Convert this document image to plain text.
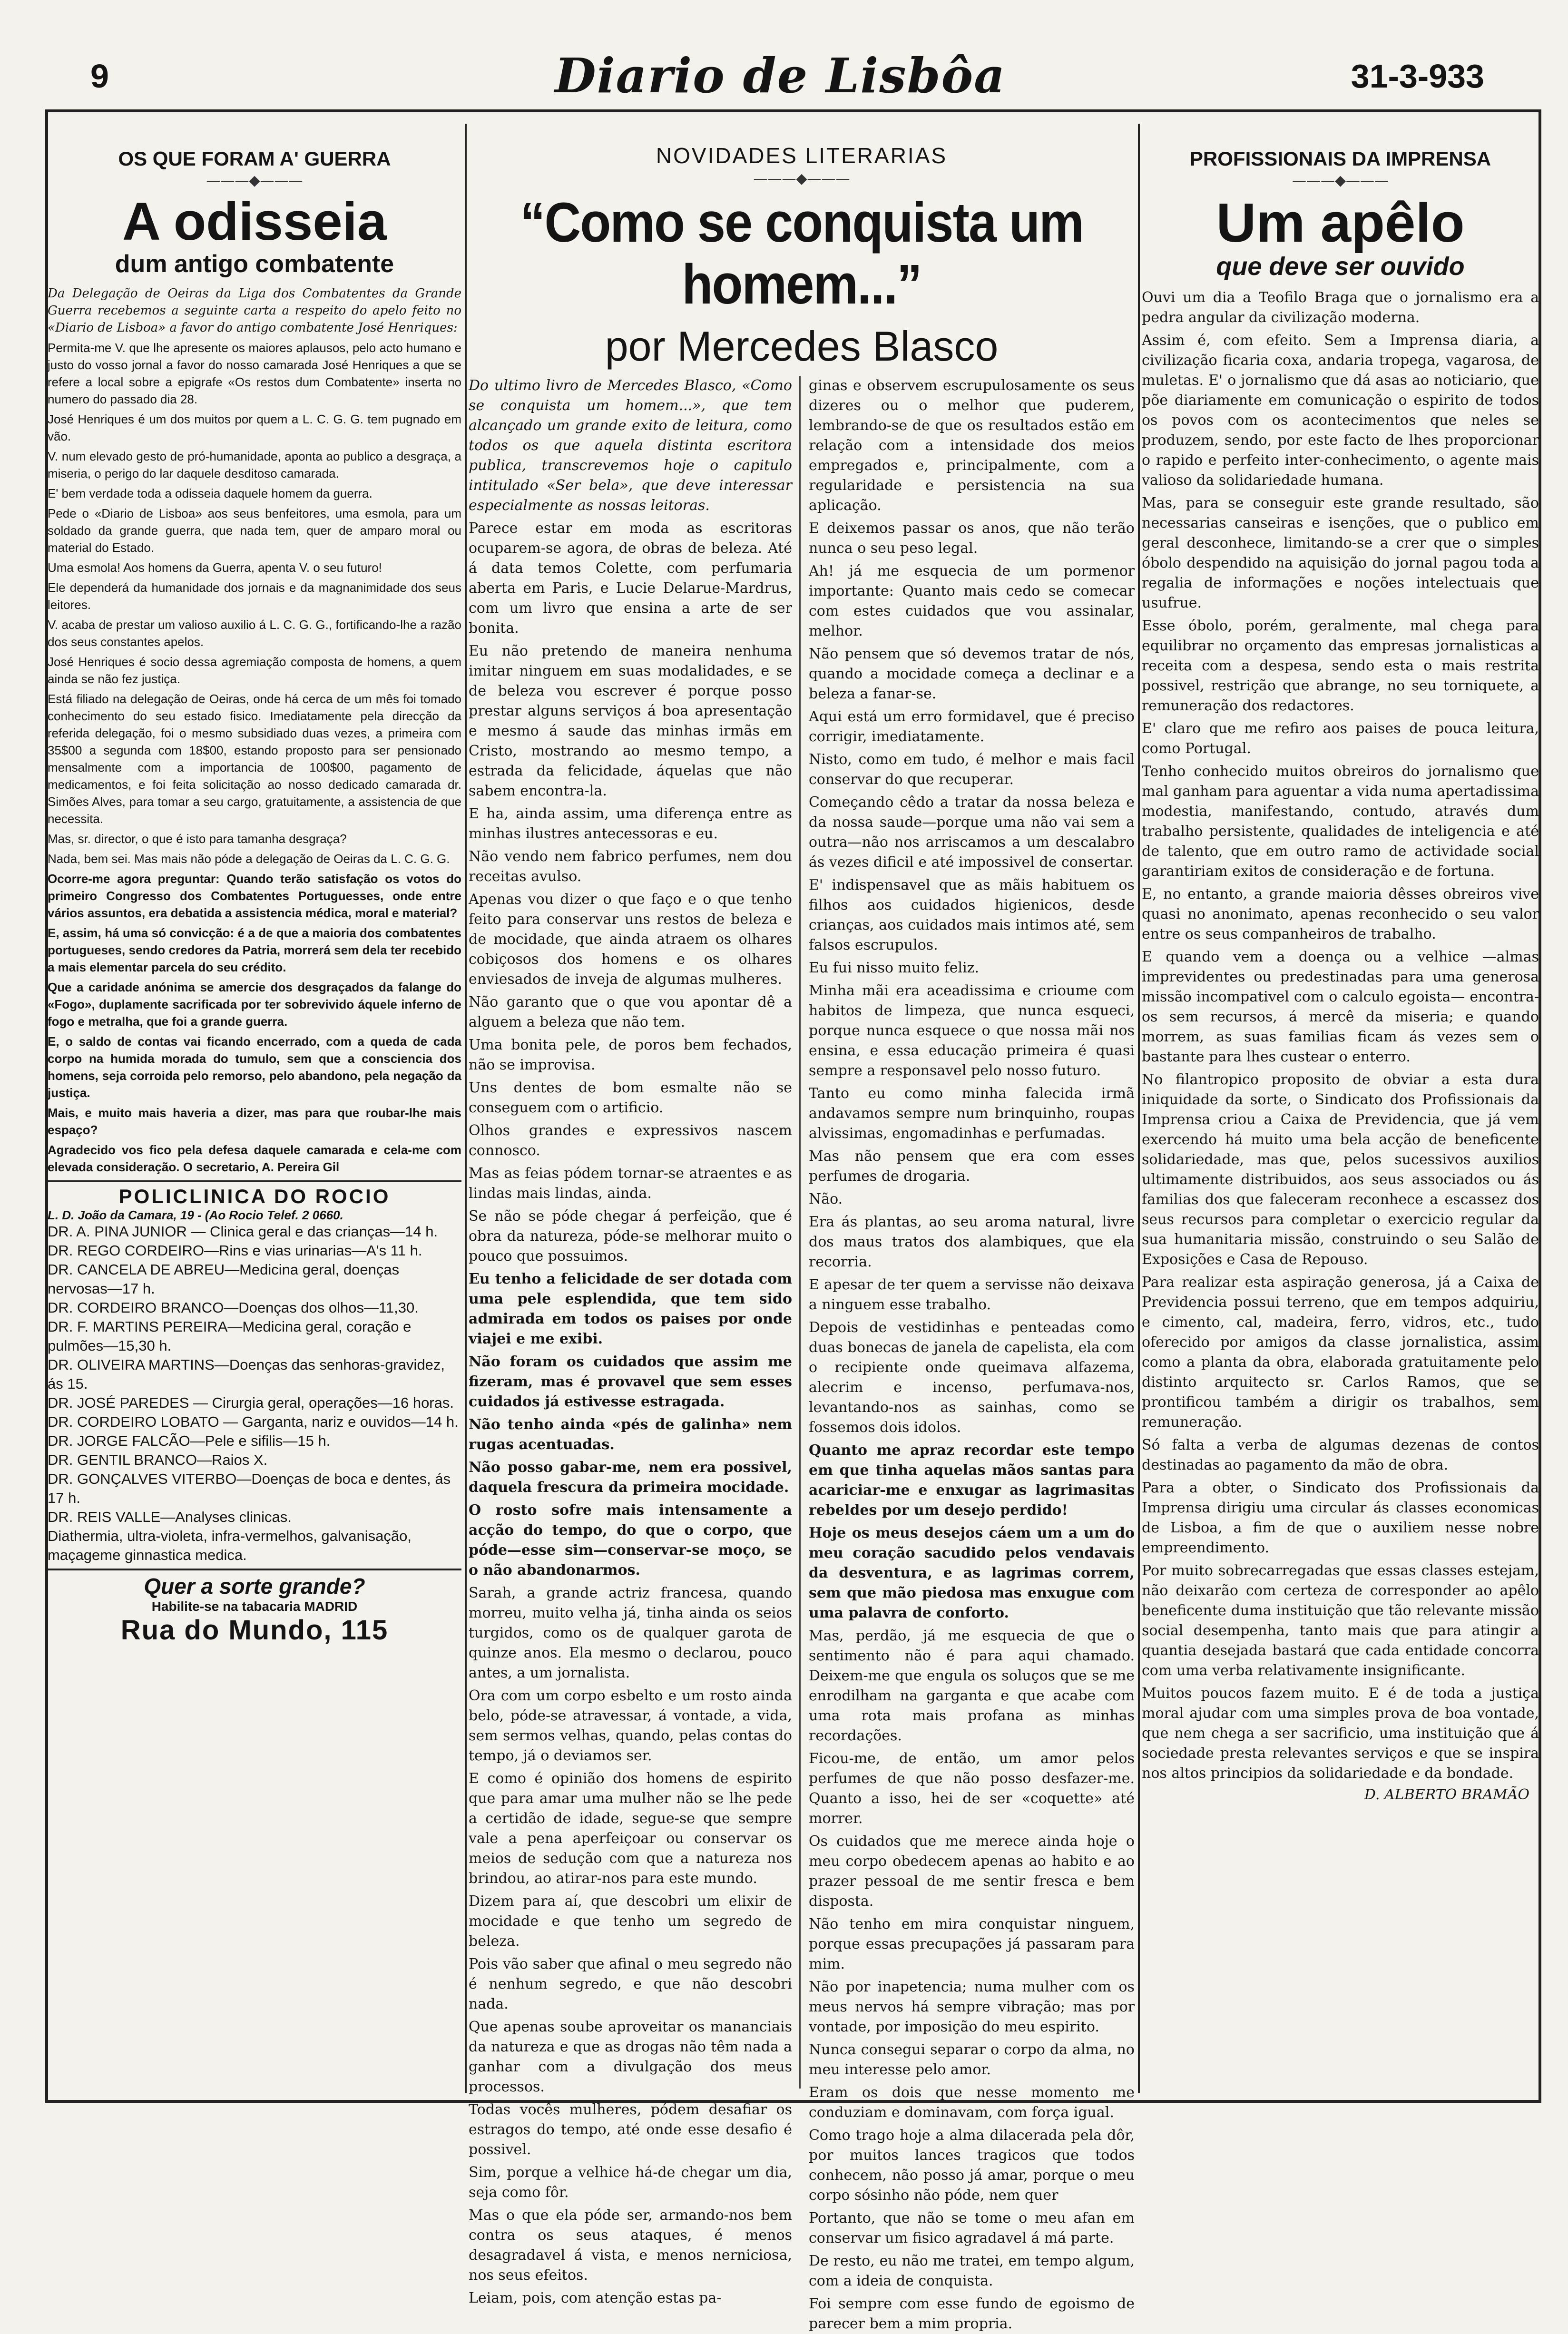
9	Diario de Lisbôa	31-3-933
OS QUE FORAM A' GUERRA
———◆———
A odisseia
dum antigo combatente

Da Delegação de Oeiras da Liga dos Combatentes da Grande Guerra recebemos a seguinte carta a respeito do apelo feito no «Diario de Lisboa» a favor do antigo combatente José Henriques:

Permita-me V. que lhe apresente os maiores aplausos, pelo acto humano e justo do vosso jornal a favor do nosso camarada José Henriques a que se refere a local sobre a epigrafe «Os restos dum Combatente» inserta no numero do passado dia 28.

José Henriques é um dos muitos por quem a L. C. G. G. tem pugnado em vão.

V. num elevado gesto de pró-humanidade, aponta ao publico a desgraça, a miseria, o perigo do lar daquele desditoso camarada.

E' bem verdade toda a odisseia daquele homem da guerra.

Pede o «Diario de Lisboa» aos seus benfeitores, uma esmola, para um soldado da grande guerra, que nada tem, quer de amparo moral ou material do Estado.

Uma esmola! Aos homens da Guerra, apenta V. o seu futuro!

Ele dependerá da humanidade dos jornais e da magnanimidade dos seus leitores.

V. acaba de prestar um valioso auxilio á L. C. G. G., fortificando-lhe a razão dos seus constantes apelos.

José Henriques é socio dessa agremiação composta de homens, a quem ainda se não fez justiça.

Está filiado na delegação de Oeiras, onde há cerca de um mês foi tomado conhecimento do seu estado fisico. Imediatamente pela direcção da referida delegação, foi o mesmo subsidiado duas vezes, a primeira com 35$00 a segunda com 18$00, estando proposto para ser pensionado mensalmente com a importancia de 100$00, pagamento de medicamentos, e foi feita solicitação ao nosso dedicado camarada dr. Simões Alves, para tomar a seu cargo, gratuitamente, a assistencia de que necessita.

Mas, sr. director, o que é isto para tamanha desgraça?

Nada, bem sei. Mas mais não póde a delegação de Oeiras da L. C. G. G.

Ocorre-me agora preguntar: Quando terão satisfação os votos do primeiro Congresso dos Combatentes Portuguesses, onde entre vários assuntos, era debatida a assistencia médica, moral e material?

E, assim, há uma só convicção: é a de que a maioria dos combatentes portugueses, sendo credores da Patria, morrerá sem dela ter recebido a mais elementar parcela do seu crédito.

Que a caridade anónima se amercie dos desgraçados da falange do «Fogo», duplamente sacrificada por ter sobrevivido áquele inferno de fogo e metralha, que foi a grande guerra.

E, o saldo de contas vai ficando encerrado, com a queda de cada corpo na humida morada do tumulo, sem que a consciencia dos homens, seja corroida pelo remorso, pelo abandono, pela negação da justiça.

Mais, e muito mais haveria a dizer, mas para que roubar-lhe mais espaço?

Agradecido vos fico pela defesa daquele camarada e cela-me com elevada consideração. O secretario, A. Pereira Gil

POLICLINICA DO ROCIO
L. D. João da Camara, 19 - (Ao Rocio Telef. 2 0660.
DR. A. PINA JUNIOR — Clinica geral e das crianças—14 h.
DR. REGO CORDEIRO—Rins e vias urinarias—A's 11 h.
DR. CANCELA DE ABREU—Medicina geral, doenças nervosas—17 h.
DR. CORDEIRO BRANCO—Doenças dos olhos—11,30.
DR. F. MARTINS PEREIRA—Medicina geral, coração e pulmões—15,30 h.
DR. OLIVEIRA MARTINS—Doenças das senhoras-gravidez, ás 15.
DR. JOSÉ PAREDES — Cirurgia geral, operações—16 horas.
DR. CORDEIRO LOBATO — Garganta, nariz e ouvidos—14 h.
DR. JORGE FALCÃO—Pele e sifilis—15 h.
DR. GENTIL BRANCO—Raios X.
DR. GONÇALVES VITERBO—Doenças de boca e dentes, ás 17 h.
DR. REIS VALLE—Analyses clinicas.
Diathermia, ultra-violeta, infra-vermelhos, galvanisação, maçageme ginnastica medica.
Quer a sorte grande?
Habilite-se na tabacaria MADRID
Rua do Mundo, 115
NOVIDADES LITERARIAS
———◆———
“Como se conquista um homem...”
por Mercedes Blasco

Do ultimo livro de Mercedes Blasco, «Como se conquista um homem...», que tem alcançado um grande exito de leitura, como todos os que aquela distinta escritora publica, transcrevemos hoje o capitulo intitulado «Ser bela», que deve interessar especialmente as nossas leitoras.

Parece estar em moda as escritoras ocuparem-se agora, de obras de beleza. Até á data temos Colette, com perfumaria aberta em Paris, e Lucie Delarue-Mardrus, com um livro que ensina a arte de ser bonita.

Eu não pretendo de maneira nenhuma imitar ninguem em suas modalidades, e se de beleza vou escrever é porque posso prestar alguns serviços á boa apresentação e mesmo á saude das minhas irmãs em Cristo, mostrando ao mesmo tempo, a estrada da felicidade, áquelas que não sabem encontra-la.

E ha, ainda assim, uma diferença entre as minhas ilustres antecessoras e eu.

Não vendo nem fabrico perfumes, nem dou receitas avulso.

Apenas vou dizer o que faço e o que tenho feito para conservar uns restos de beleza e de mocidade, que ainda atraem os olhares cobiçosos dos homens e os olhares enviesados de inveja de algumas mulheres.

Não garanto que o que vou apontar dê a alguem a beleza que não tem.

Uma bonita pele, de poros bem fechados, não se improvisa.

Uns dentes de bom esmalte não se conseguem com o artificio.

Olhos grandes e expressivos nascem connosco.

Mas as feias pódem tornar-se atraentes e as lindas mais lindas, ainda.

Se não se póde chegar á perfeição, que é obra da natureza, póde-se melhorar muito o pouco que possuimos.

Eu tenho a felicidade de ser dotada com uma pele esplendida, que tem sido admirada em todos os paises por onde viajei e me exibi.

Não foram os cuidados que assim me fizeram, mas é provavel que sem esses cuidados já estivesse estragada.

Não tenho ainda «pés de galinha» nem rugas acentuadas.

Não posso gabar-me, nem era possivel, daquela frescura da primeira mocidade.

O rosto sofre mais intensamente a acção do tempo, do que o corpo, que póde—esse sim—conservar-se moço, se o não abandonarmos.

Sarah, a grande actriz francesa, quando morreu, muito velha já, tinha ainda os seios turgidos, como os de qualquer garota de quinze anos. Ela mesmo o declarou, pouco antes, a um jornalista.

Ora com um corpo esbelto e um rosto ainda belo, póde-se atravessar, á vontade, a vida, sem sermos velhas, quando, pelas contas do tempo, já o deviamos ser.

E como é opinião dos homens de espirito que para amar uma mulher não se lhe pede a certidão de idade, segue-se que sempre vale a pena aperfeiçoar ou conservar os meios de sedução com que a natureza nos brindou, ao atirar-nos para este mundo.

Dizem para aí, que descobri um elixir de mocidade e que tenho um segredo de beleza.

Pois vão saber que afinal o meu segredo não é nenhum segredo, e que não descobri nada.

Que apenas soube aproveitar os mananciais da natureza e que as drogas não têm nada a ganhar com a divulgação dos meus processos.

Todas vocês mulheres, pódem desafiar os estragos do tempo, até onde esse desafio é possivel.

Sim, porque a velhice há-de chegar um dia, seja como fôr.

Mas o que ela póde ser, armando-nos bem contra os seus ataques, é menos desagradavel á vista, e menos nerniciosa, nos seus efeitos.

Leiam, pois, com atenção estas pa-

ginas e observem escrupulosamente os seus dizeres ou o melhor que puderem, lembrando-se de que os resultados estão em relação com a intensidade dos meios empregados e, principalmente, com a regularidade e persistencia na sua aplicação.

E deixemos passar os anos, que não terão nunca o seu peso legal.

Ah! já me esquecia de um pormenor importante: Quanto mais cedo se comecar com estes cuidados que vou assinalar, melhor.

Não pensem que só devemos tratar de nós, quando a mocidade começa a declinar e a beleza a fanar-se.

Aqui está um erro formidavel, que é preciso corrigir, imediatamente.

Nisto, como em tudo, é melhor e mais facil conservar do que recuperar.

Começando cêdo a tratar da nossa beleza e da nossa saude—porque uma não vai sem a outra—não nos arriscamos a um descalabro ás vezes dificil e até impossivel de consertar.

E' indispensavel que as mãis habituem os filhos aos cuidados higienicos, desde crianças, aos cuidados mais intimos até, sem falsos escrupulos.

Eu fui nisso muito feliz.

Minha mãi era aceadissima e crioume com habitos de limpeza, que nunca esqueci, porque nunca esquece o que nossa mãi nos ensina, e essa educação primeira é quasi sempre a responsavel pelo nosso futuro.

Tanto eu como minha falecida irmã andavamos sempre num brinquinho, roupas alvissimas, engomadinhas e perfumadas.

Mas não pensem que era com esses perfumes de drogaria.

Não.

Era ás plantas, ao seu aroma natural, livre dos maus tratos dos alambiques, que ela recorria.

E apesar de ter quem a servisse não deixava a ninguem esse trabalho.

Depois de vestidinhas e penteadas como duas bonecas de janela de capelista, ela com o recipiente onde queimava alfazema, alecrim e incenso, perfumava-nos, levantando-nos as sainhas, como se fossemos dois idolos.

Quanto me apraz recordar este tempo em que tinha aquelas mãos santas para acariciar-me e enxugar as lagrimasitas rebeldes por um desejo perdido!

Hoje os meus desejos cáem um a um do meu coração sacudido pelos vendavais da desventura, e as lagrimas correm, sem que mão piedosa mas enxugue com uma palavra de conforto.

Mas, perdão, já me esquecia de que o sentimento não é para aqui chamado. Deixem-me que engula os soluços que se me enrodilham na garganta e que acabe com uma rota mais profana as minhas recordações.

Ficou-me, de então, um amor pelos perfumes de que não posso desfazer-me. Quanto a isso, hei de ser «coquette» até morrer.

Os cuidados que me merece ainda hoje o meu corpo obedecem apenas ao habito e ao prazer pessoal de me sentir fresca e bem disposta.

Não tenho em mira conquistar ninguem, porque essas precupações já passaram para mim.

Não por inapetencia; numa mulher com os meus nervos há sempre vibração; mas por vontade, por imposição do meu espirito.

Nunca consegui separar o corpo da alma, no meu interesse pelo amor.

Eram os dois que nesse momento me conduziam e dominavam, com força igual.

Como trago hoje a alma dilacerada pela dôr, por muitos lances tragicos que todos conhecem, não posso já amar, porque o meu corpo sósinho não póde, nem quer

Portanto, que não se tome o meu afan em conservar um fisico agradavel á má parte.

De resto, eu não me tratei, em tempo algum, com a ideia de conquista.

Foi sempre com esse fundo de egoismo de parecer bem a mim propria.

PROFISSIONAIS DA IMPRENSA
———◆———
Um apêlo
que deve ser ouvido

Ouvi um dia a Teofilo Braga que o jornalismo era a pedra angular da civilização moderna.

Assim é, com efeito. Sem a Imprensa diaria, a civilização ficaria coxa, andaria tropega, vagarosa, de muletas. E' o jornalismo que dá asas ao noticiario, que põe diariamente em comunicação o espirito de todos os povos com os acontecimentos que neles se produzem, sendo, por este facto de lhes proporcionar o rapido e perfeito inter-conhecimento, o agente mais valioso da solidariedade humana.

Mas, para se conseguir este grande resultado, são necessarias canseiras e isenções, que o publico em geral desconhece, limitando-se a crer que o simples óbolo despendido na aquisição do jornal pagou toda a regalia de informações e noções intelectuais que usufrue.

Esse óbolo, porém, geralmente, mal chega para equilibrar no orçamento das empresas jornalisticas a receita com a despesa, sendo esta o mais restrita possivel, restrição que abrange, no seu torniquete, a remuneração dos redactores.

E' claro que me refiro aos paises de pouca leitura, como Portugal.

Tenho conhecido muitos obreiros do jornalismo que mal ganham para aguentar a vida numa apertadissima modestia, manifestando, contudo, através dum trabalho persistente, qualidades de inteligencia e até de talento, que em outro ramo de actividade social garantiriam exitos de consideração e de fortuna.

E, no entanto, a grande maioria dêsses obreiros vive quasi no anonimato, apenas reconhecido o seu valor entre os seus companheiros de trabalho.

E quando vem a doença ou a velhice —almas imprevidentes ou predestinadas para uma generosa missão incompativel com o calculo egoista— encontra-os sem recursos, á mercê da miseria; e quando morrem, as suas familias ficam ás vezes sem o bastante para lhes custear o enterro.

No filantropico proposito de obviar a esta dura iniquidade da sorte, o Sindicato dos Profissionais da Imprensa criou a Caixa de Previdencia, que já vem exercendo há muito uma bela acção de beneficente solidariedade, mas que, pelos sucessivos auxilios ultimamente distribuidos, aos seus associados ou ás familias dos que faleceram reconhece a escassez dos seus recursos para completar o exercicio regular da sua humanitaria missão, construindo o seu Salão de Exposições e Casa de Repouso.

Para realizar esta aspiração generosa, já a Caixa de Previdencia possui terreno, que em tempos adquiriu, e cimento, cal, madeira, ferro, vidros, etc., tudo oferecido por amigos da classe jornalistica, assim como a planta da obra, elaborada gratuitamente pelo distinto arquitecto sr. Carlos Ramos, que se prontificou também a dirigir os trabalhos, sem remuneração.

Só falta a verba de algumas dezenas de contos destinadas ao pagamento da mão de obra.

Para a obter, o Sindicato dos Profissionais da Imprensa dirigiu uma circular ás classes economicas de Lisboa, a fim de que o auxiliem nesse nobre empreendimento.

Por muito sobrecarregadas que essas classes estejam, não deixarão com certeza de corresponder ao apêlo beneficente duma instituição que tão relevante missão social desempenha, tanto mais que para atingir a quantia desejada bastará que cada entidade concorra com uma verba relativamente insignificante.

Muitos poucos fazem muito. E é de toda a justiça moral ajudar com uma simples prova de boa vontade, que nem chega a ser sacrificio, uma instituição que á sociedade presta relevantes serviços e que se inspira nos altos principios da solidariedade e da bondade.

D. ALBERTO BRAMÃO
